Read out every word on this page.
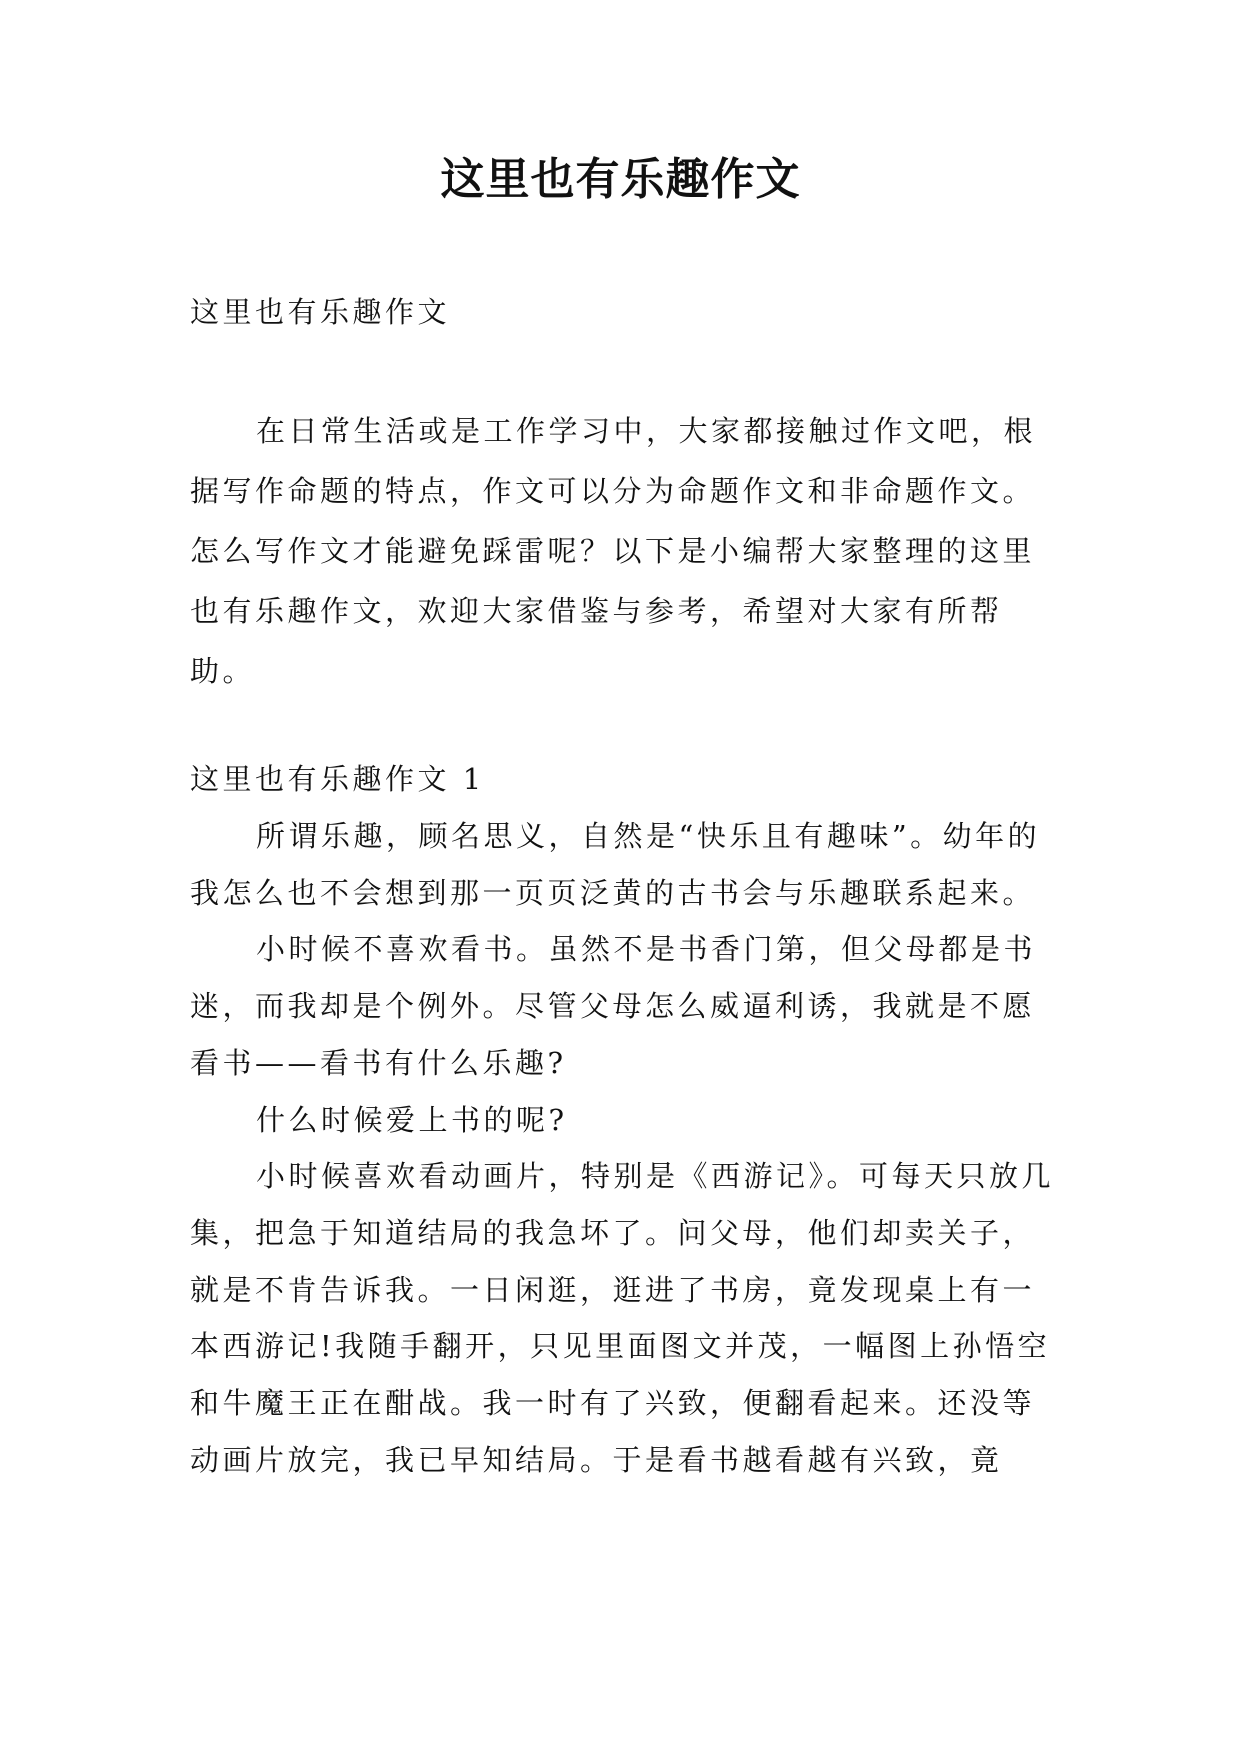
这里也有乐趣作文
这里也有乐趣作文

在日常生活或是工作学习中，大家都接触过作文吧，根据写作命题的特点，作文可以分为命题作文和非命题作文。怎么写作文才能避免踩雷呢？以下是小编帮大家整理的这里也有乐趣作文，欢迎大家借鉴与参考，希望对大家有所帮助。

这里也有乐趣作文 1

所谓乐趣，顾名思义，自然是“快乐且有趣味”。幼年的我怎么也不会想到那一页页泛黄的古书会与乐趣联系起来。

小时候不喜欢看书。虽然不是书香门第，但父母都是书迷，而我却是个例外。尽管父母怎么威逼利诱，我就是不愿看书——看书有什么乐趣?

什么时候爱上书的呢?

小时候喜欢看动画片，特别是《西游记》。可每天只放几集，把急于知道结局的我急坏了。问父母，他们却卖关子，就是不肯告诉我。一日闲逛，逛进了书房，竟发现桌上有一本西游记!我随手翻开，只见里面图文并茂，一幅图上孙悟空和牛魔王正在酣战。我一时有了兴致，便翻看起来。还没等动画片放完，我已早知结局。于是看书越看越有兴致，竟
